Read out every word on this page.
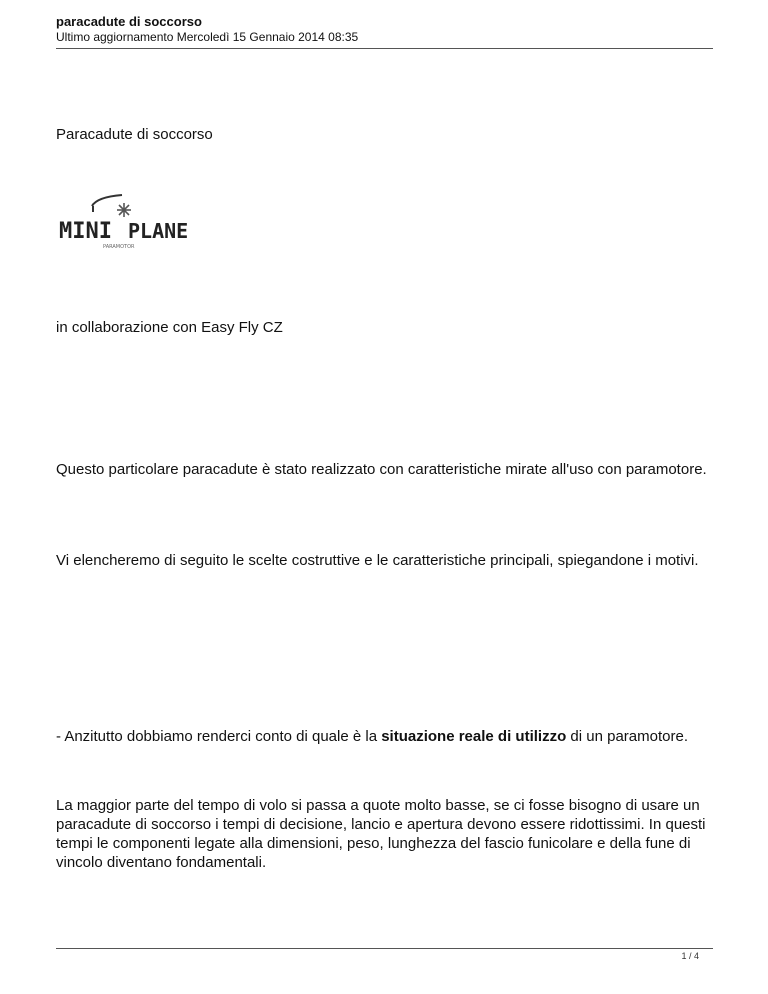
paracadute di soccorso
Ultimo aggiornamento Mercoledì 15 Gennaio 2014 08:35

Paracadute di soccorso

MINI PLANE
PARAMOTOR

in collaborazione con Easy Fly CZ

Questo particolare paracadute è stato realizzato con caratteristiche mirate all'uso con paramotore.

Vi elencheremo di seguito le scelte costruttive e le caratteristiche principali, spiegandone i motivi.

- Anzitutto dobbiamo renderci conto di quale è la situazione reale di utilizzo di un paramotore.

La maggior parte del tempo di volo si passa a quote molto basse, se ci fosse bisogno di usare un paracadute di soccorso i tempi di decisione, lancio e apertura devono essere ridottissimi. In questi tempi le componenti legate alla dimensioni, peso, lunghezza del fascio funicolare e della fune di vincolo diventano fondamentali.

1 / 4
